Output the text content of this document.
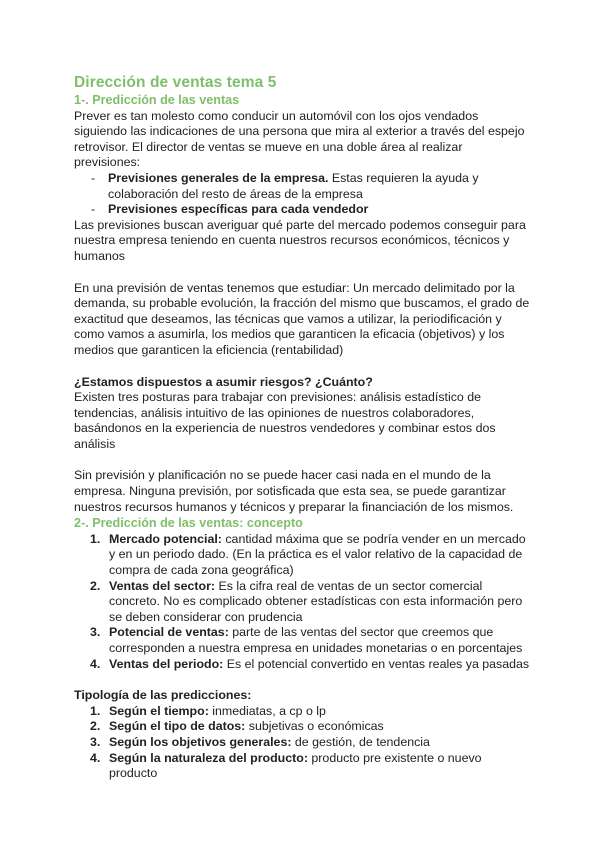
Dirección de ventas tema 5
1-. Predicción de las ventas

Prever es tan molesto como conducir un automóvil con los ojos vendados siguiendo las indicaciones de una persona que mira al exterior a través del espejo retrovisor. El director de ventas se mueve en una doble área al realizar previsiones:

- Previsiones generales de la empresa. Estas requieren la ayuda y colaboración del resto de áreas de la empresa
- Previsiones específicas para cada vendedor

Las previsiones buscan averiguar qué parte del mercado podemos conseguir para nuestra empresa teniendo en cuenta nuestros recursos económicos, técnicos y humanos

En una previsión de ventas tenemos que estudiar: Un mercado delimitado por la demanda, su probable evolución, la fracción del mismo que buscamos, el grado de exactitud que deseamos, las técnicas que vamos a utilizar, la periodificación y como vamos a asumirla, los medios que garanticen la eficacia (objetivos) y los medios que garanticen la eficiencia (rentabilidad)

¿Estamos dispuestos a asumir riesgos? ¿Cuánto?

Existen tres posturas para trabajar con previsiones: análisis estadístico de tendencias, análisis intuitivo de las opiniones de nuestros colaboradores, basándonos en la experiencia de nuestros vendedores y combinar estos dos análisis

Sin previsión y planificación no se puede hacer casi nada en el mundo de la empresa. Ninguna previsión, por sotisficada que esta sea, se puede garantizar nuestros recursos humanos y técnicos y preparar la financiación de los mismos.

2-. Predicción de las ventas: concepto
1. Mercado potencial: cantidad máxima que se podría vender en un mercado y en un periodo dado. (En la práctica es el valor relativo de la capacidad de compra de cada zona geográfica)
2. Ventas del sector: Es la cifra real de ventas de un sector comercial concreto. No es complicado obtener estadísticas con esta información pero se deben considerar con prudencia
3. Potencial de ventas: parte de las ventas del sector que creemos que corresponden a nuestra empresa en unidades monetarias o en porcentajes
4. Ventas del periodo: Es el potencial convertido en ventas reales ya pasadas

Tipología de las predicciones:

1. Según el tiempo: inmediatas, a cp o lp
2. Según el tipo de datos: subjetivas o económicas
3. Según los objetivos generales: de gestión, de tendencia
4. Según la naturaleza del producto: producto pre existente o nuevo producto
